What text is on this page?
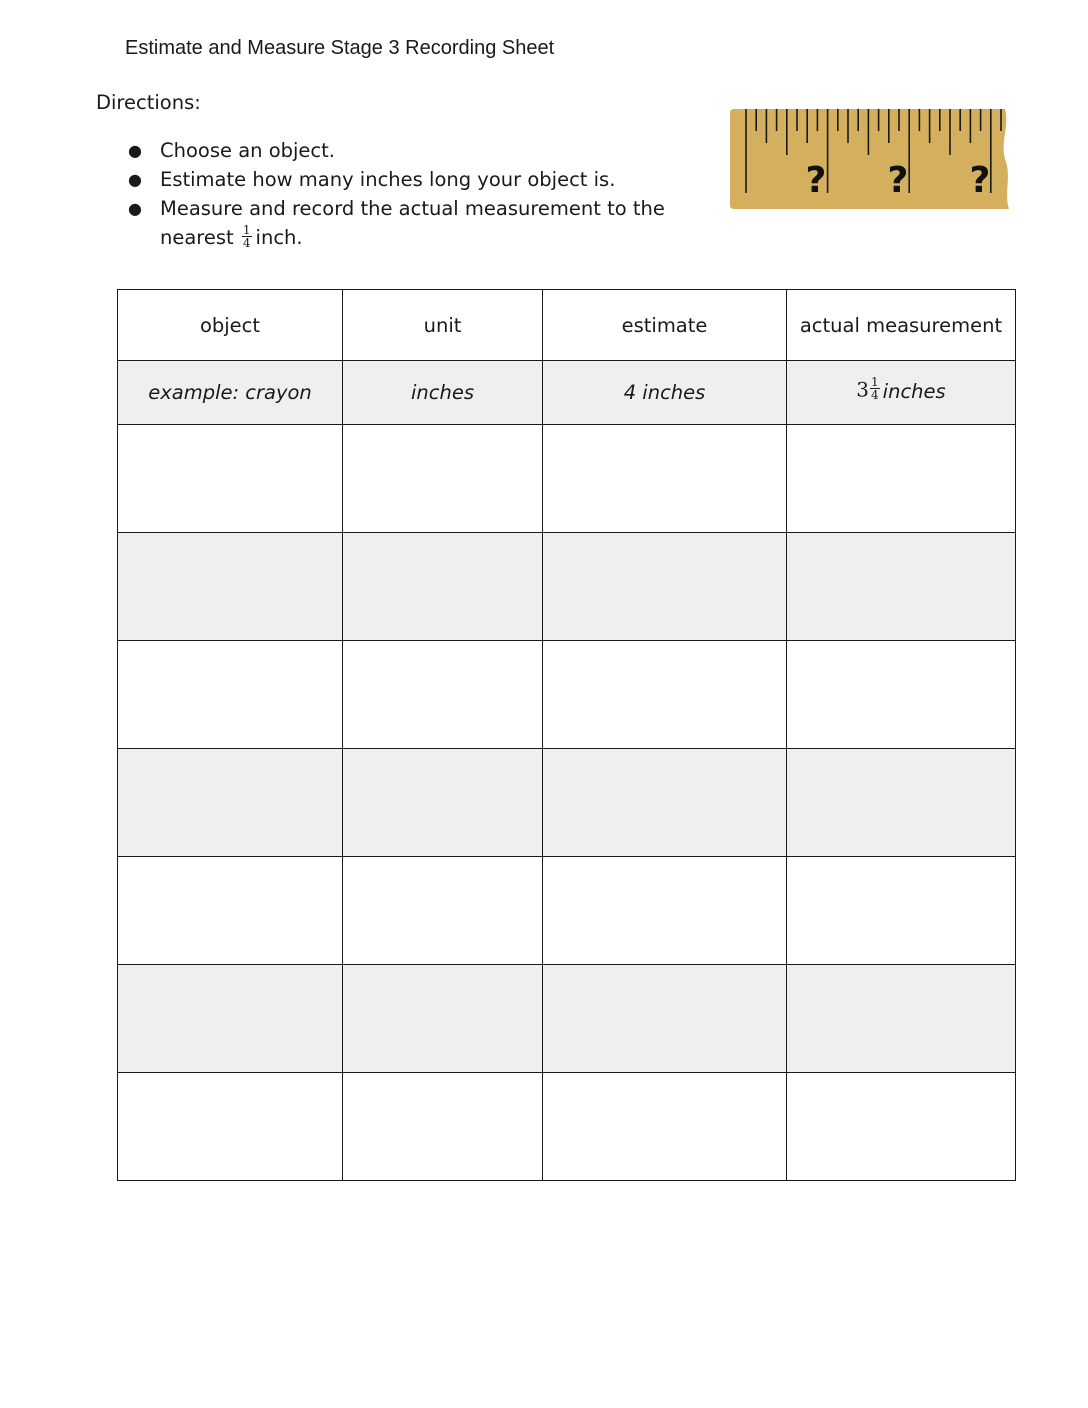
Estimate and Measure Stage 3 Recording Sheet
Directions:
● Choose an object.
● Estimate how many inches long your object is.
● Measure and record the actual measurement to the nearest $\frac{1}{4}$ inch.
? ? ?
object	unit	estimate	actual measurement
example: crayon	inches	4 inches	$3 \frac{1}{4}$ inches
